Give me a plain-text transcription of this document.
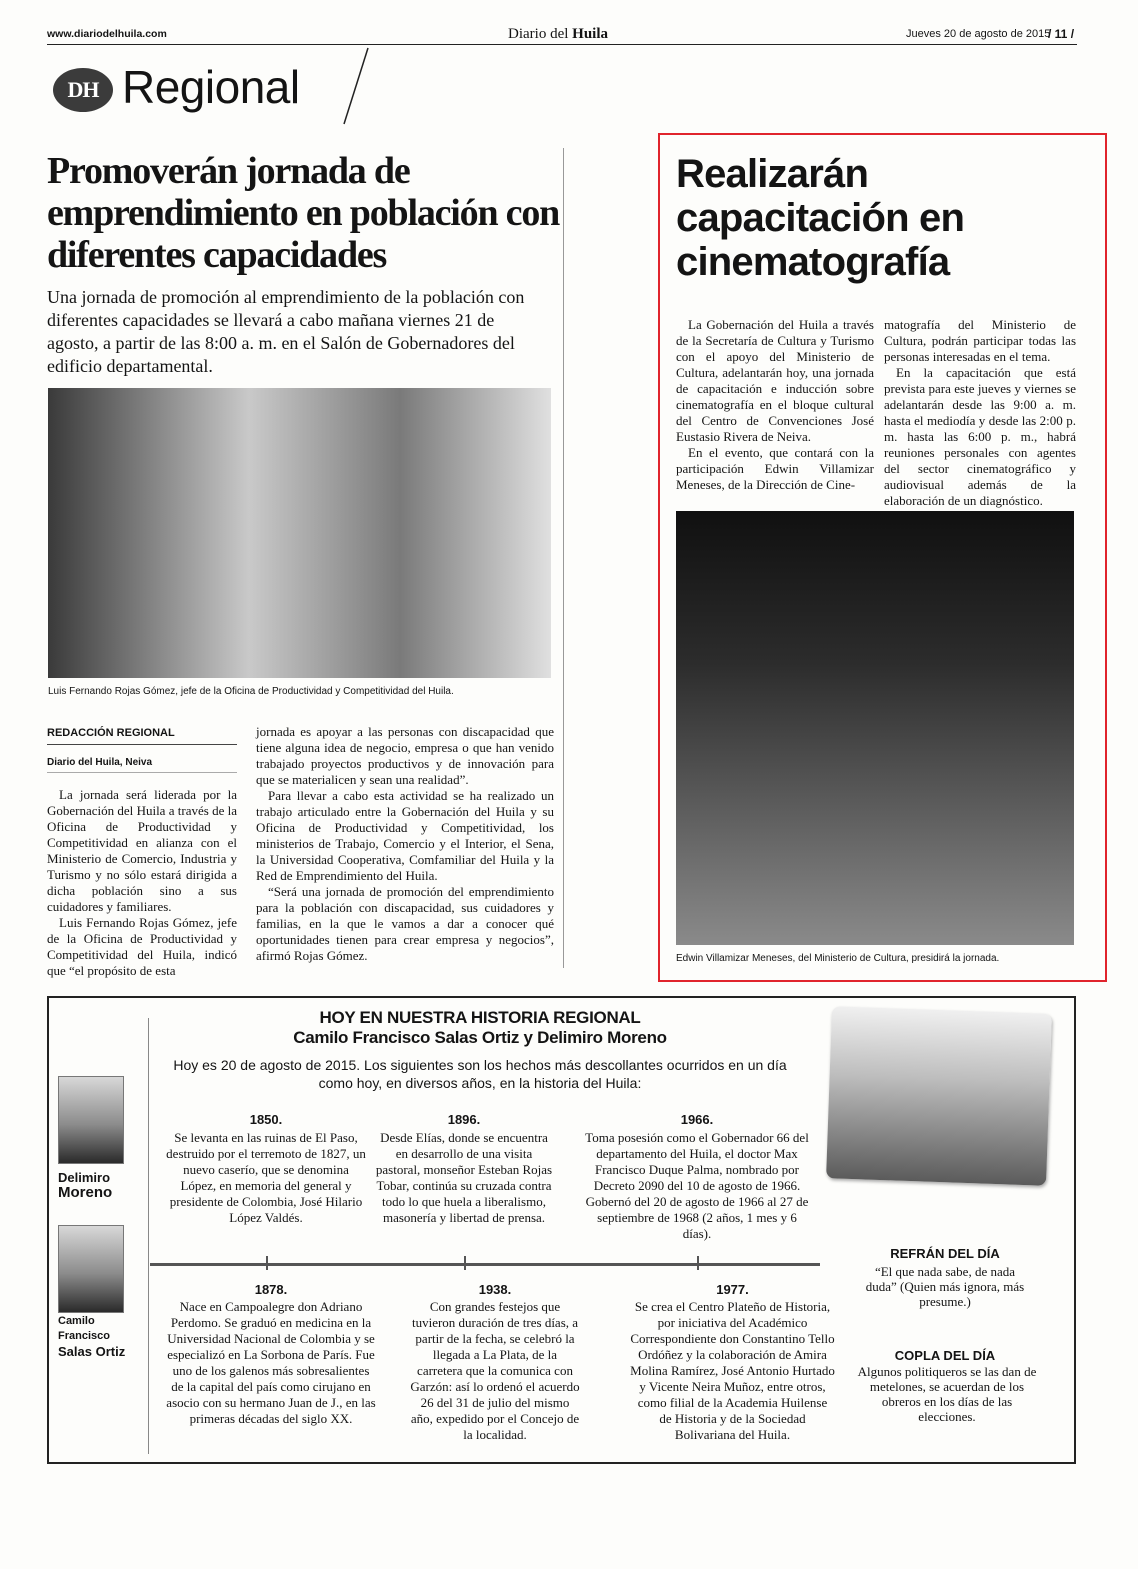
www.diariodelhuila.com	Diario del Huila	Jueves 20 de agosto de 2015
/ 11 /
DH Regional
Promoverán jornada de emprendimiento en población con diferentes capacidades

Una jornada de promoción al emprendimiento de la población con diferentes capacidades se llevará a cabo mañana viernes 21 de agosto, a partir de las 8:00 a. m. en el Salón de Gobernadores del edificio departamental.

Luis Fernando Rojas Gómez, jefe de la Oficina de Productividad y Competitividad del Huila.
REDACCIÓN REGIONAL
Diario del Huila, Neiva

La jornada será liderada por la Gobernación del Huila a través de la Oficina de Productividad y Competitividad en alianza con el Ministerio de Comercio, Industria y Turismo y no sólo estará dirigida a dicha población sino a sus cuidadores y familiares.

Luis Fernando Rojas Gómez, jefe de la Oficina de Productividad y Competitividad del Huila, indicó que “el propósito de esta

jornada es apoyar a las personas con discapacidad que tiene alguna idea de negocio, empresa o que han venido trabajado proyectos productivos y de innovación para que se materialicen y sean una realidad”.

Para llevar a cabo esta actividad se ha realizado un trabajo articulado entre la Gobernación del Huila y su Oficina de Productividad y Competitividad, los ministerios de Trabajo, Comercio y el Interior, el Sena, la Universidad Cooperativa, Comfamiliar del Huila y la Red de Emprendimiento del Huila.

“Será una jornada de promoción del emprendimiento para la población con discapacidad, sus cuidadores y familias, en la que le vamos a dar a conocer qué oportunidades tienen para crear empresa y negocios”, afirmó Rojas Gómez.

Realizarán capacitación en cinematografía

La Gobernación del Huila a través de la Secretaría de Cultura y Turismo con el apoyo del Ministerio de Cultura, adelantarán hoy, una jornada de capacitación e inducción sobre cinematografía en el bloque cultural del Centro de Convenciones José Eustasio Rivera de Neiva.

En el evento, que contará con la participación Edwin Villamizar Meneses, de la Dirección de Cine-

matografía del Ministerio de Cultura, podrán participar todas las personas interesadas en el tema.

En la capacitación que está prevista para este jueves y viernes se adelantarán desde las 9:00 a. m. hasta el mediodía y desde las 2:00 p. m. hasta las 6:00 p. m., habrá reuniones personales con agentes del sector cinematográfico y audiovisual además de la elaboración de un diagnóstico.

Edwin Villamizar Meneses, del Ministerio de Cultura, presidirá la jornada.
HOY EN NUESTRA HISTORIA REGIONAL
Camilo Francisco Salas Ortiz y Delimiro Moreno
Hoy es 20 de agosto de 2015. Los siguientes son los hechos más descollantes ocurridos en un día como hoy, en diversos años, en la historia del Huila:
Delimiro
Moreno
Camilo Francisco
Salas Ortiz
1850.
Se levanta en las ruinas de El Paso, destruido por el terremoto de 1827, un nuevo caserío, que se denomina López, en memoria del general y presidente de Colombia, José Hilario López Valdés.
1896.
Desde Elías, donde se encuentra en desarrollo de una visita pastoral, monseñor Esteban Rojas Tobar, continúa su cruzada contra todo lo que huela a liberalismo, masonería y libertad de prensa.
1966.
Toma posesión como el Gobernador 66 del departamento del Huila, el doctor Max Francisco Duque Palma, nombrado por Decreto 2090 del 10 de agosto de 1966. Gobernó del 20 de agosto de 1966 al 27 de septiembre de 1968 (2 años, 1 mes y 6 días).
1878.
Nace en Campoalegre don Adriano Perdomo. Se graduó en medicina en la Universidad Nacional de Colombia y se especializó en La Sorbona de París. Fue uno de los galenos más sobresalientes de la capital del país como cirujano en asocio con su hermano Juan de J., en las primeras décadas del siglo XX.
1938.
Con grandes festejos que tuvieron duración de tres días, a partir de la fecha, se celebró la llegada a La Plata, de la carretera que la comunica con Garzón: así lo ordenó el acuerdo 26 del 31 de julio del mismo año, expedido por el Concejo de la localidad.
1977.
Se crea el Centro Plateño de Historia, por iniciativa del Académico Correspondiente don Constantino Tello Ordóñez y la colaboración de Amira Molina Ramírez, José Antonio Hurtado y Vicente Neira Muñoz, entre otros, como filial de la Academia Huilense de Historia y de la Sociedad Bolivariana del Huila.
REFRÁN DEL DÍA
“El que nada sabe, de nada duda” (Quien más ignora, más presume.)
COPLA DEL DÍA
Algunos politiqueros se las dan de metelones, se acuerdan de los obreros en los días de las elecciones.
